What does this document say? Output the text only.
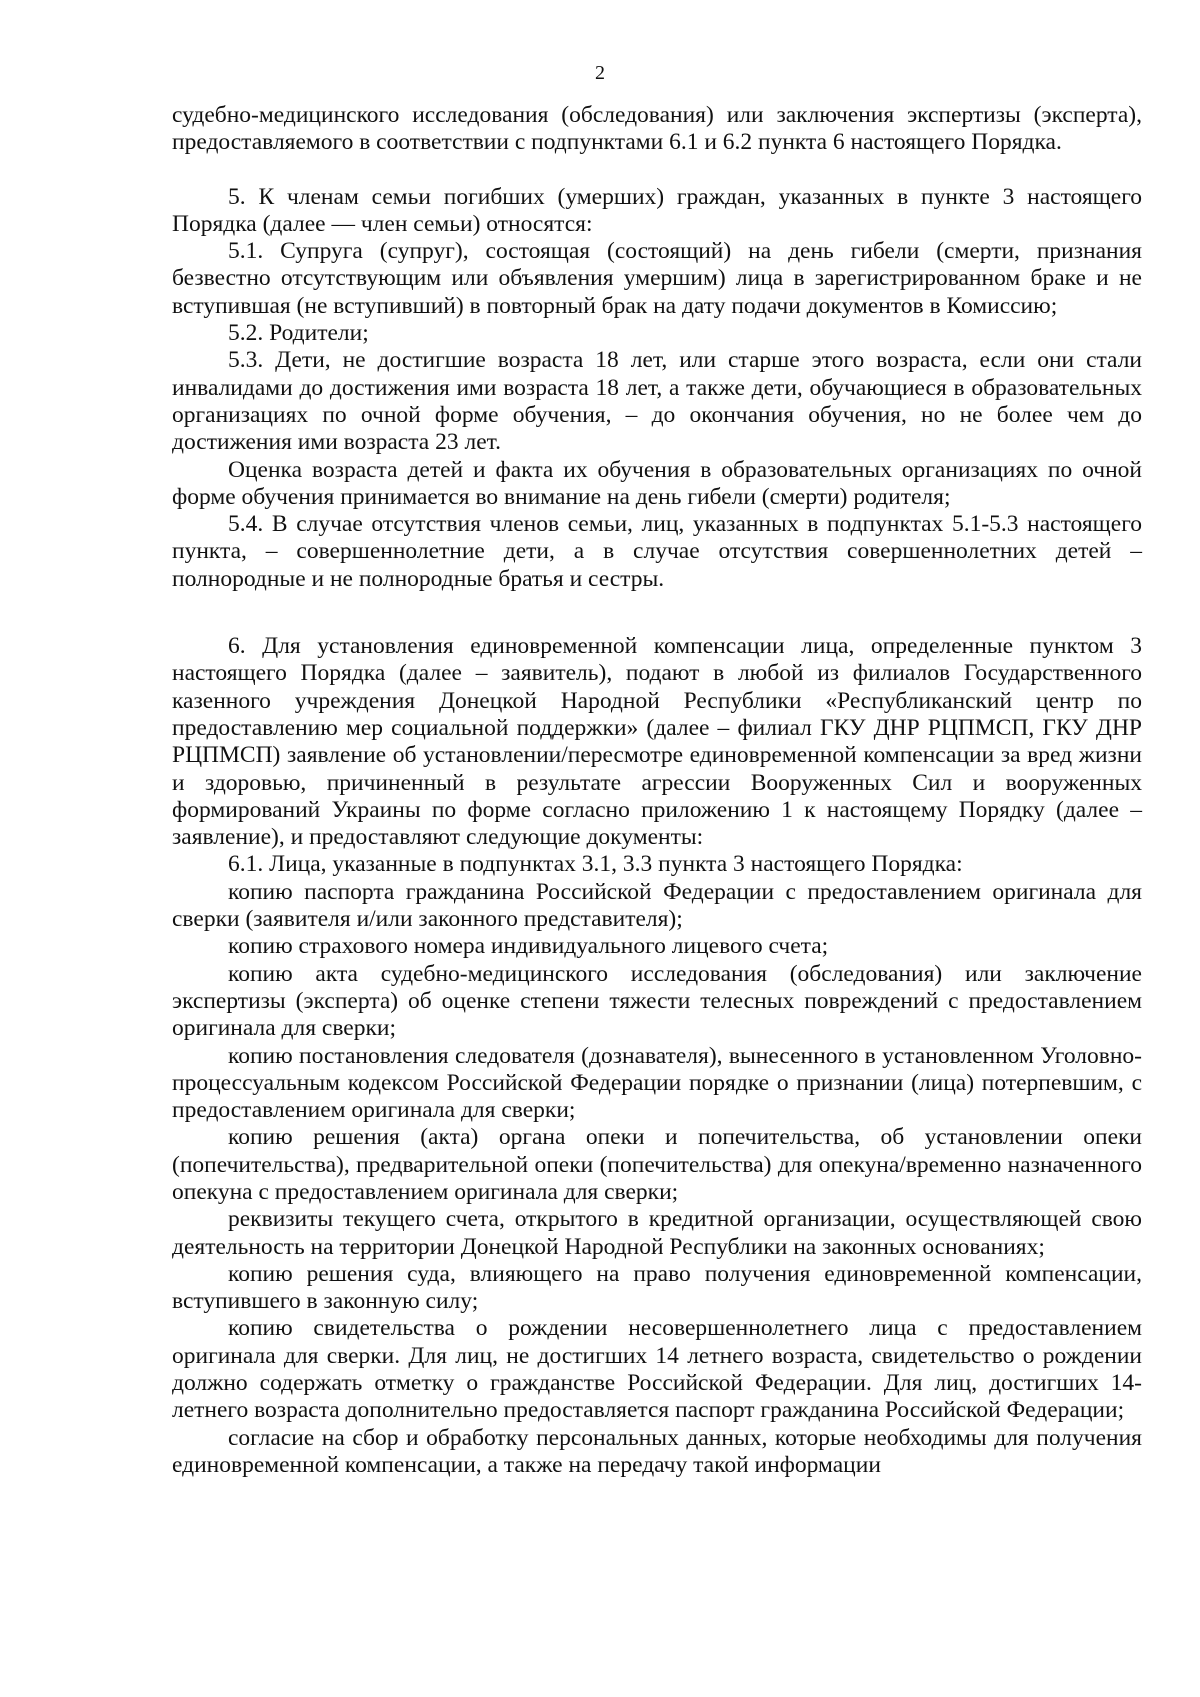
2

судебно-медицинского исследования (обследования) или заключения экспертизы (эксперта), предоставляемого в соответствии с подпунктами 6.1 и 6.2 пункта 6 настоящего Порядка.

5. К членам семьи погибших (умерших) граждан, указанных в пункте 3 настоящего Порядка (далее — член семьи) относятся:

5.1. Супруга (супруг), состоящая (состоящий) на день гибели (смерти, признания безвестно отсутствующим или объявления умершим) лица в зарегистрированном браке и не вступившая (не вступивший) в повторный брак на дату подачи документов в Комиссию;

5.2. Родители;

5.3. Дети, не достигшие возраста 18 лет, или старше этого возраста, если они стали инвалидами до достижения ими возраста 18 лет, а также дети, обучающиеся в образовательных организациях по очной форме обучения, – до окончания обучения, но не более чем до достижения ими возраста 23 лет.

Оценка возраста детей и факта их обучения в образовательных организациях по очной форме обучения принимается во внимание на день гибели (смерти) родителя;

5.4. В случае отсутствия членов семьи, лиц, указанных в подпунктах 5.1-5.3 настоящего пункта, – совершеннолетние дети, а в случае отсутствия совершеннолетних детей – полнородные и не полнородные братья и сестры.

6. Для установления единовременной компенсации лица, определенные пунктом 3 настоящего Порядка (далее – заявитель), подают в любой из филиалов Государственного казенного учреждения Донецкой Народной Республики «Республиканский центр по предоставлению мер социальной поддержки» (далее – филиал ГКУ ДНР РЦПМСП, ГКУ ДНР РЦПМСП) заявление об установлении/пересмотре единовременной компенсации за вред жизни и здоровью, причиненный в результате агрессии Вооруженных Сил и вооруженных формирований Украины по форме согласно приложению 1 к настоящему Порядку (далее – заявление), и предоставляют следующие документы:

6.1. Лица, указанные в подпунктах 3.1, 3.3 пункта 3 настоящего Порядка:

копию паспорта гражданина Российской Федерации с предоставлением оригинала для сверки (заявителя и/или законного представителя);

копию страхового номера индивидуального лицевого счета;

копию акта судебно-медицинского исследования (обследования) или заключение экспертизы (эксперта) об оценке степени тяжести телесных повреждений с предоставлением оригинала для сверки;

копию постановления следователя (дознавателя), вынесенного в установленном Уголовно-процессуальным кодексом Российской Федерации порядке о признании (лица) потерпевшим, с предоставлением оригинала для сверки;

копию решения (акта) органа опеки и попечительства, об установлении опеки (попечительства), предварительной опеки (попечительства) для опекуна/временно назначенного опекуна с предоставлением оригинала для сверки;

реквизиты текущего счета, открытого в кредитной организации, осуществляющей свою деятельность на территории Донецкой Народной Республики на законных основаниях;

копию решения суда, влияющего на право получения единовременной компенсации, вступившего в законную силу;

копию свидетельства о рождении несовершеннолетнего лица с предоставлением оригинала для сверки. Для лиц, не достигших 14 летнего возраста, свидетельство о рождении должно содержать отметку о гражданстве Российской Федерации. Для лиц, достигших 14-летнего возраста дополнительно предоставляется паспорт гражданина Российской Федерации;

согласие на сбор и обработку персональных данных, которые необходимы для получения единовременной компенсации, а также на передачу такой информации
